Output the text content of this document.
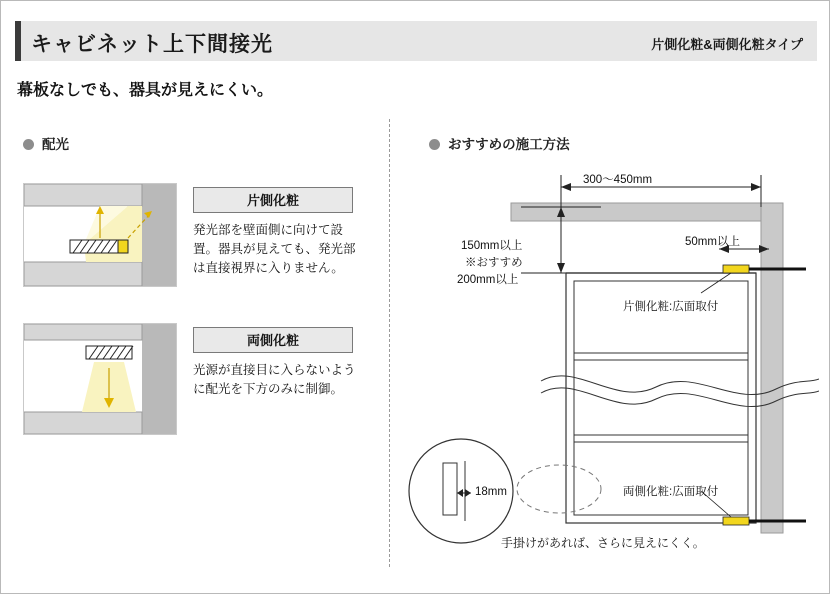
キャビネット上下間接光	片側化粧&両側化粧タイプ
幕板なしでも、器具が見えにくい。
配光	おすすめの施工方法
片側化粧
発光部を壁面側に向けて設置。器具が見えても、発光部は直接視界に入りません。
両側化粧
光源が直接目に入らないように配光を下方のみに制御。
300〜450mm
150mm以上
※おすすめ
200mm以上
50mm以上
片側化粧:広面取付
両側化粧:広面取付
18mm
手掛けがあれば、さらに見えにくく。
